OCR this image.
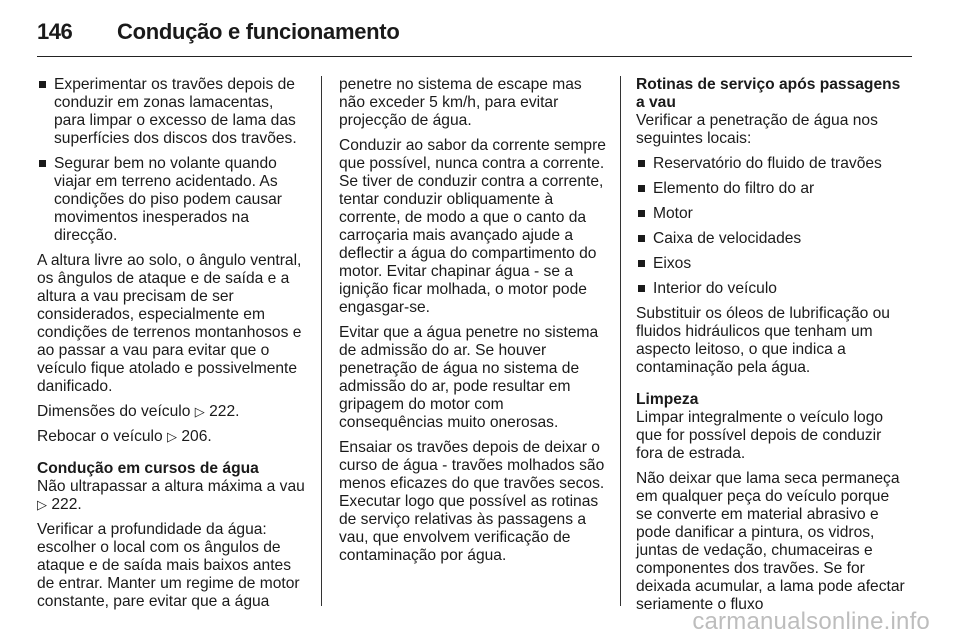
146 Condução e funcionamento
Experimentar os travões depois de conduzir em zonas lamacentas, para limpar o excesso de lama das superfícies dos discos dos travões.
Segurar bem no volante quando viajar em terreno acidentado. As condições do piso podem causar movimentos inesperados na direcção.

A altura livre ao solo, o ângulo ventral, os ângulos de ataque e de saída e a altura a vau precisam de ser considerados, especialmente em condições de terrenos montanhosos e ao passar a vau para evitar que o veículo fique atolado e possivelmente danificado.

Dimensões do veículo ▷ 222.

Rebocar o veículo ▷ 206.

Condução em cursos de água

Não ultrapassar a altura máxima a vau ▷ 222.

Verificar a profundidade da água: escolher o local com os ângulos de ataque e de saída mais baixos antes de entrar. Manter um regime de motor constante, pare evitar que a água

penetre no sistema de escape mas não exceder 5 km/h, para evitar projecção de água.

Conduzir ao sabor da corrente sempre que possível, nunca contra a corrente. Se tiver de conduzir contra a corrente, tentar conduzir obliquamente à corrente, de modo a que o canto da carroçaria mais avançado ajude a deflectir a água do compartimento do motor. Evitar chapinar água - se a ignição ficar molhada, o motor pode engasgar-se.

Evitar que a água penetre no sistema de admissão do ar. Se houver penetração de água no sistema de admissão do ar, pode resultar em gripagem do motor com consequências muito onerosas.

Ensaiar os travões depois de deixar o curso de água - travões molhados são menos eficazes do que travões secos. Executar logo que possível as rotinas de serviço relativas às passagens a vau, que envolvem verificação de contaminação por água.

Rotinas de serviço após passagens a vau

Verificar a penetração de água nos seguintes locais:

Reservatório do fluido de travões
Elemento do filtro do ar
Motor
Caixa de velocidades
Eixos
Interior do veículo

Substituir os óleos de lubrificação ou fluidos hidráulicos que tenham um aspecto leitoso, o que indica a contaminação pela água.

Limpeza

Limpar integralmente o veículo logo que for possível depois de conduzir fora de estrada.

Não deixar que lama seca permaneça em qualquer peça do veículo porque se converte em material abrasivo e pode danificar a pintura, os vidros, juntas de vedação, chumaceiras e componentes dos travões. Se for deixada acumular, a lama pode afectar seriamente o fluxo

carmanualsonline.info
